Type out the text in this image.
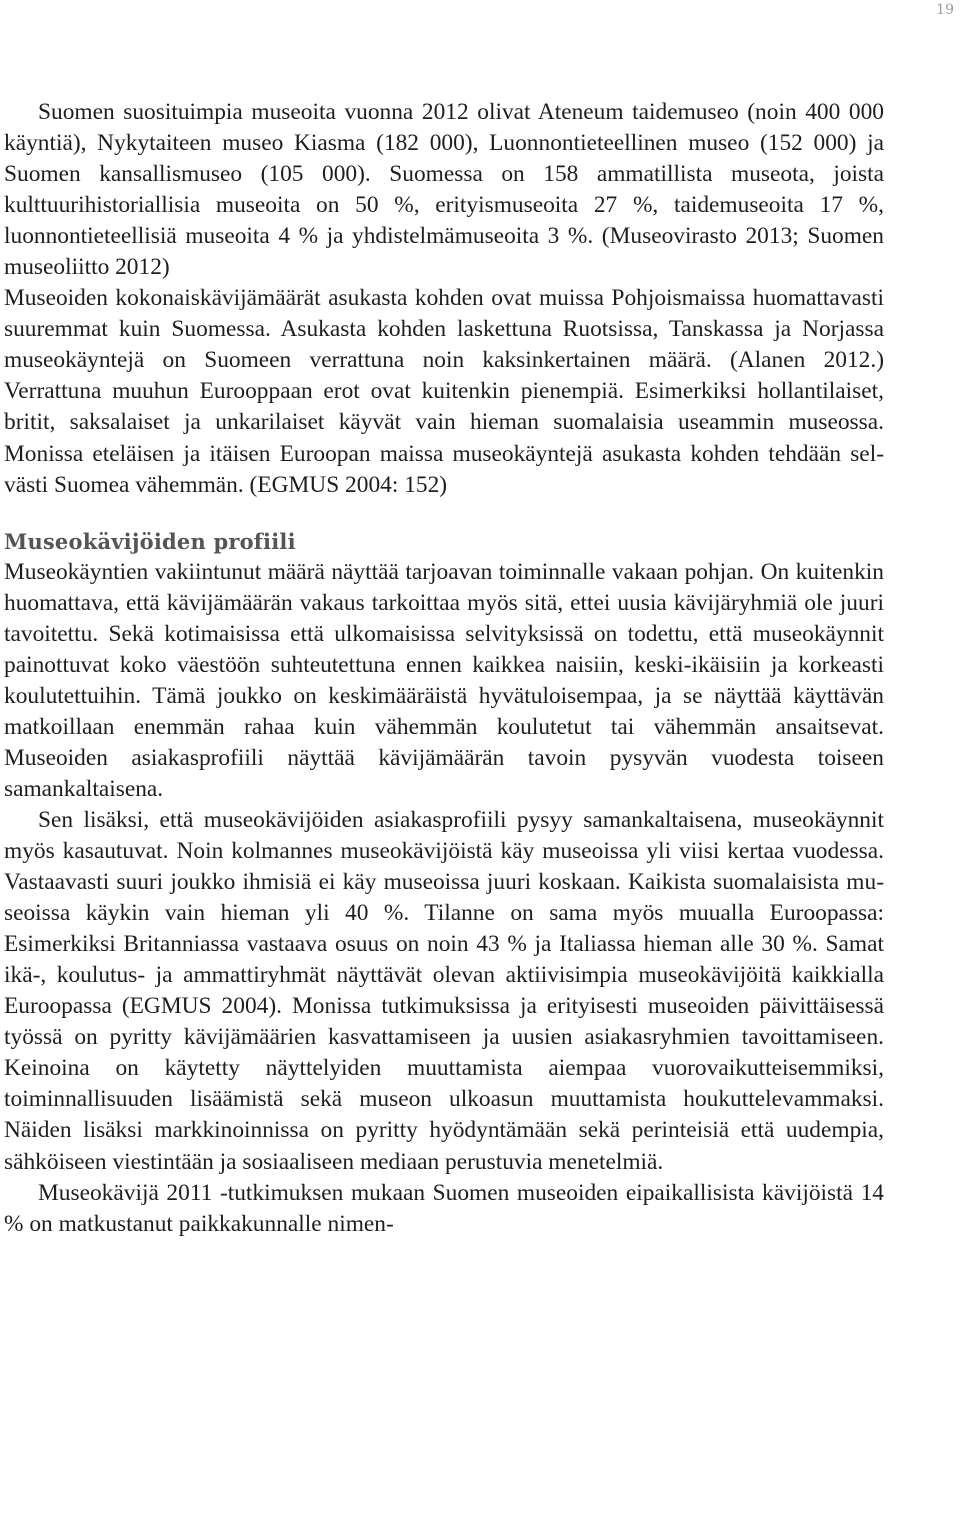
19

Suomen suosituimpia museoita vuonna 2012 olivat Ateneum taidemuseo (noin 400 000 käyntiä), Nykytaiteen museo Kiasma (182 000), Luonnontieteellinen museo (152 000) ja Suomen kansallismuseo (105 000). Suomessa on 158 ammatillista museota, joista kulttuurihistoriallisia museoita on 50 %, erityismuseoita 27 %, taidemuseoita 17 %, luonnontieteellisiä museoita 4 % ja yhdistelmämuseoita 3 %. (Museovirasto 2013; Suomen museoliitto 2012)

Museoiden kokonaiskävijämäärät asukasta kohden ovat muissa Pohjoismaissa huomattavasti suuremmat kuin Suomessa. Asukasta kohden laskettuna Ruotsissa, Tanskassa ja Norjassa museokäyntejä on Suomeen verrattuna noin kaksinkertainen määrä. (Alanen 2012.) Verrattuna muuhun Eurooppaan erot ovat kuitenkin pienempiä. Esimerkiksi hollantilaiset, britit, saksalaiset ja unkarilaiset käyvät vain hieman suomalaisia useammin museossa. Monissa eteläisen ja itäisen Euroopan maissa museokäyntejä asukasta kohden tehdään selvästi Suomea vähemmän. (EGMUS 2004: 152)

Museokävijöiden profiili

Museokäyntien vakiintunut määrä näyttää tarjoavan toiminnalle vakaan pohjan. On kuitenkin huomattava, että kävijämäärän vakaus tarkoittaa myös sitä, ettei uusia kävijäryhmiä ole juuri tavoitettu. Sekä kotimaisissa että ulkomaisissa selvityksissä on todettu, että museokäynnit painottuvat koko väestöön suhteutettuna ennen kaikkea naisiin, keski-ikäisiin ja korkeasti koulutettuihin. Tämä joukko on keskimääräistä hyvätuloisempaa, ja se näyttää käyttävän matkoillaan enemmän rahaa kuin vähemmän koulutetut tai vähemmän ansaitsevat. Museoiden asiakasprofiili näyttää kävijämäärän tavoin pysyvän vuodesta toiseen samankaltaisena.

Sen lisäksi, että museokävijöiden asiakasprofiili pysyy samankaltaisena, museokäynnit myös kasautuvat. Noin kolmannes museokävijöistä käy museoissa yli viisi kertaa vuodessa. Vastaavasti suuri joukko ihmisiä ei käy museoissa juuri koskaan. Kaikista suomalaisista museoissa käykin vain hieman yli 40 %. Tilanne on sama myös muualla Euroopassa: Esimerkiksi Britanniassa vastaava osuus on noin 43 % ja Italiassa hieman alle 30 %. Samat ikä-, koulutus- ja ammattiryhmät näyttävät olevan aktiivisimpia museokävijöitä kaikkialla Euroopassa (EGMUS 2004). Monissa tutkimuksissa ja erityisesti museoiden päivittäisessä työssä on pyritty kävijämäärien kasvattamiseen ja uusien asiakasryhmien tavoittamiseen. Keinoina on käytetty näyttelyiden muuttamista aiempaa vuorovaikutteisemmiksi, toiminnallisuuden lisäämistä sekä museon ulkoasun muuttamista houkuttelevammaksi. Näiden lisäksi markkinoinnissa on pyritty hyödyntämään sekä perinteisiä että uudempia, sähköiseen viestintään ja sosiaaliseen mediaan perustuvia menetelmiä.

Museokävijä 2011 -tutkimuksen mukaan Suomen museoiden eipaikallisista kävijöistä 14 % on matkustanut paikkakunnalle nimen-
